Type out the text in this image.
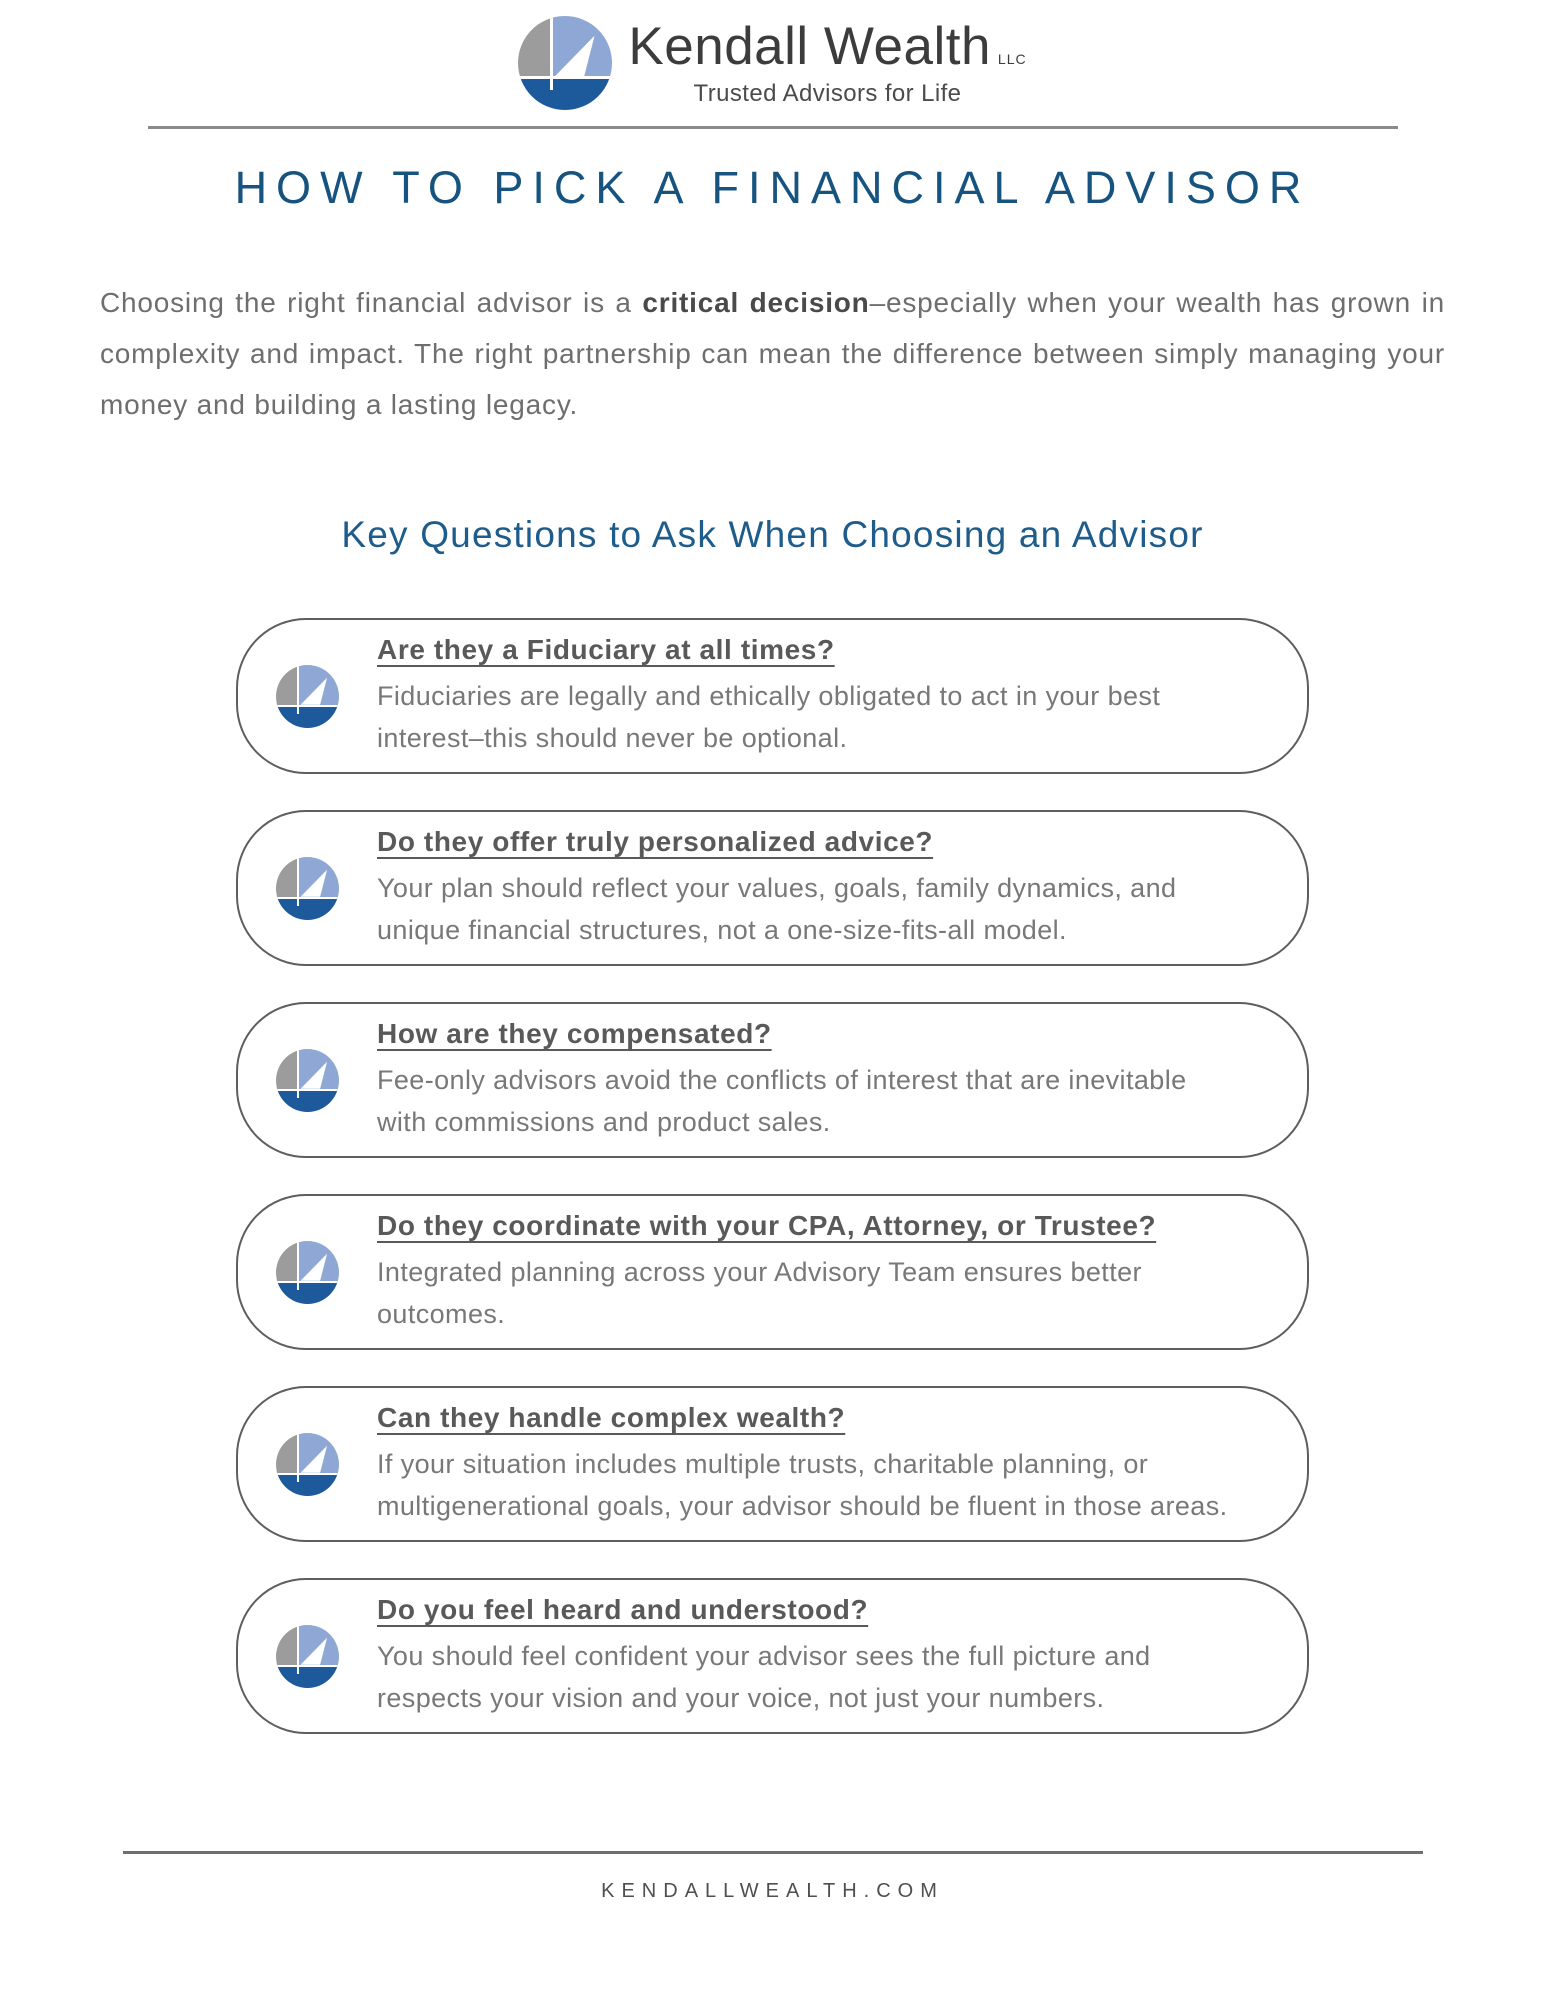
Kendall Wealth LLC
Trusted Advisors for Life
HOW TO PICK A FINANCIAL ADVISOR

Choosing the right financial advisor is a critical decision–especially when your wealth has grown in complexity and impact. The right partnership can mean the difference between simply managing your money and building a lasting legacy.

Key Questions to Ask When Choosing an Advisor
Are they a Fiduciary at all times?

Fiduciaries are legally and ethically obligated to act in your best
interest–this should never be optional.

Do they offer truly personalized advice?

Your plan should reflect your values, goals, family dynamics, and
unique financial structures, not a one-size-fits-all model.

How are they compensated?

Fee-only advisors avoid the conflicts of interest that are inevitable
with commissions and product sales.

Do they coordinate with your CPA, Attorney, or Trustee?

Integrated planning across your Advisory Team ensures better
outcomes.

Can they handle complex wealth?

If your situation includes multiple trusts, charitable planning, or
multigenerational goals, your advisor should be fluent in those areas.

Do you feel heard and understood?

You should feel confident your advisor sees the full picture and
respects your vision and your voice, not just your numbers.

KENDALLWEALTH.COM
